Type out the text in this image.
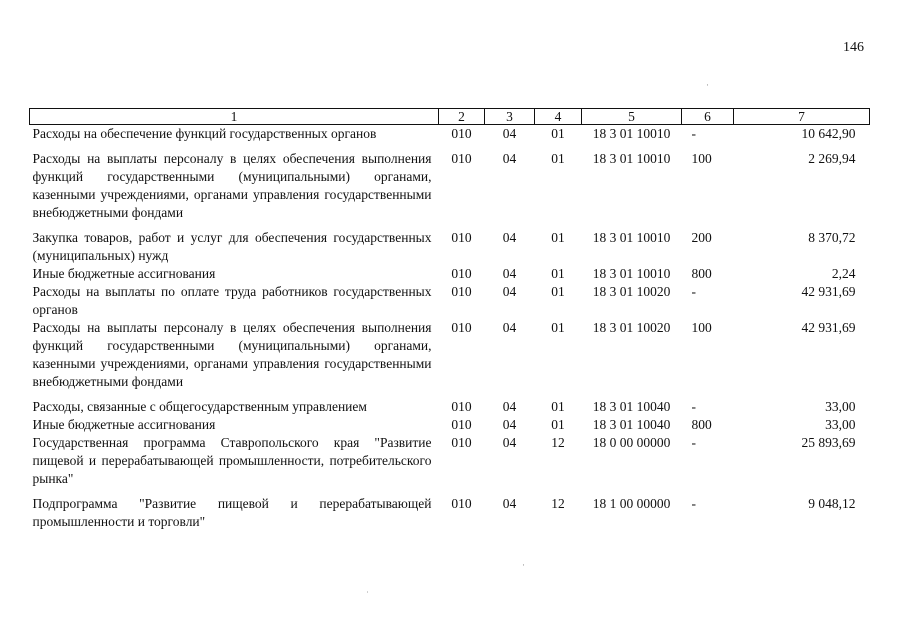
146
1	2	3	4	5	6	7
Расходы на обеспечение функций государственных органов	010	04	01	18 3 01 10010	-	10 642,90
Расходы на выплаты персоналу в целях обеспечения выполнения функций государственными (муниципальными) органами, казенными учреждениями, органами управления государственными внебюджетными фондами	010	04	01	18 3 01 10010	100	2 269,94
Закупка товаров, работ и услуг для обеспечения государственных (муниципальных) нужд	010	04	01	18 3 01 10010	200	8 370,72
Иные бюджетные ассигнования	010	04	01	18 3 01 10010	800	2,24
Расходы на выплаты по оплате труда работников государственных органов	010	04	01	18 3 01 10020	-	42 931,69
Расходы на выплаты персоналу в целях обеспечения выполнения функций государственными (муниципальными) органами, казенными учреждениями, органами управления государственными внебюджетными фондами	010	04	01	18 3 01 10020	100	42 931,69
Расходы, связанные с общегосударственным управлением	010	04	01	18 3 01 10040	-	33,00
Иные бюджетные ассигнования	010	04	01	18 3 01 10040	800	33,00
Государственная программа Ставропольского края "Развитие пищевой и перерабатывающей промышленности, потребительского рынка"	010	04	12	18 0 00 00000	-	25 893,69
Подпрограмма "Развитие пищевой и перерабатывающей промышленности и торговли"	010	04	12	18 1 00 00000	-	9 048,12
·
·
˙
